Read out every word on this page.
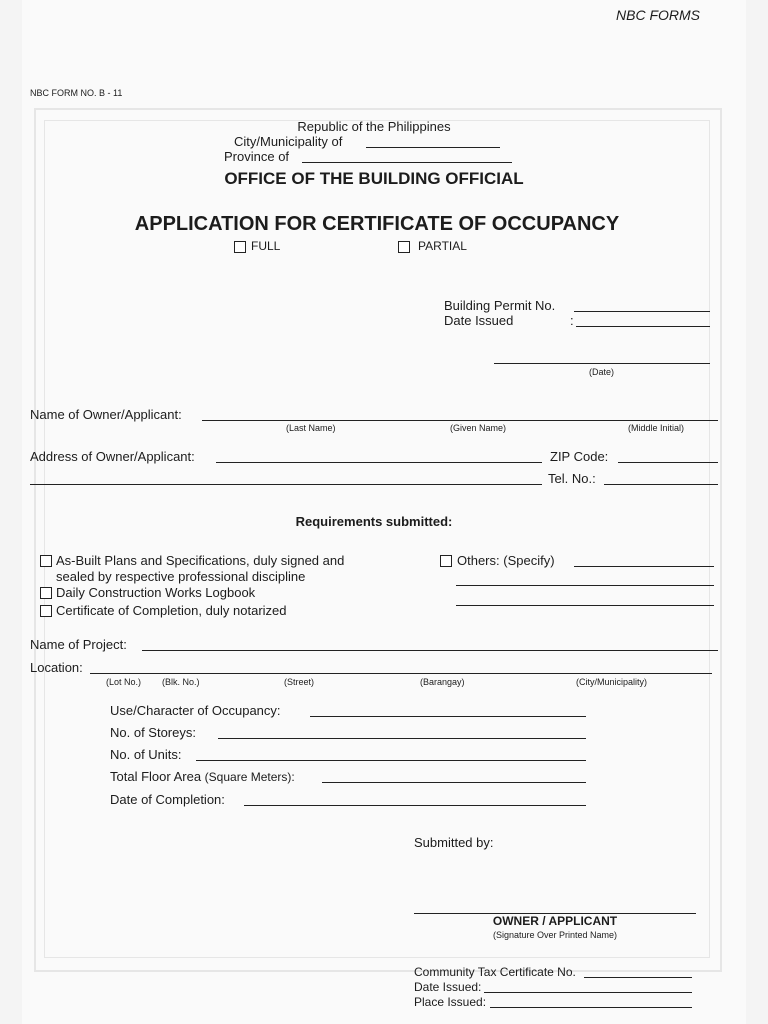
NBC FORMS
NBC FORM NO. B - 11
Republic of the Philippines
City/Municipality of
Province of
OFFICE OF THE BUILDING OFFICIAL
APPLICATION FOR CERTIFICATE OF OCCUPANCY
FULL	PARTIAL
Building Permit No.
Date Issued	:
(Date)
Name of Owner/Applicant:
(Last Name)	(Given Name)	(Middle Initial)
Address of Owner/Applicant:	ZIP Code:
Tel. No.:
Requirements submitted:
As-Built Plans and Specifications, duly signed and
sealed by respective professional discipline
Daily Construction Works Logbook
Certificate of Completion, duly notarized
Others: (Specify)
Name of Project:
Location:
(Lot No.) (Blk. No.)	(Street)	(Barangay)	(City/Municipality)
Use/Character of Occupancy:
No. of Storeys:
No. of Units:
Total Floor Area (Square Meters):
Date of Completion:
Submitted by:
OWNER / APPLICANT
(Signature Over Printed Name)
Community Tax Certificate No.
Date Issued:
Place Issued:
